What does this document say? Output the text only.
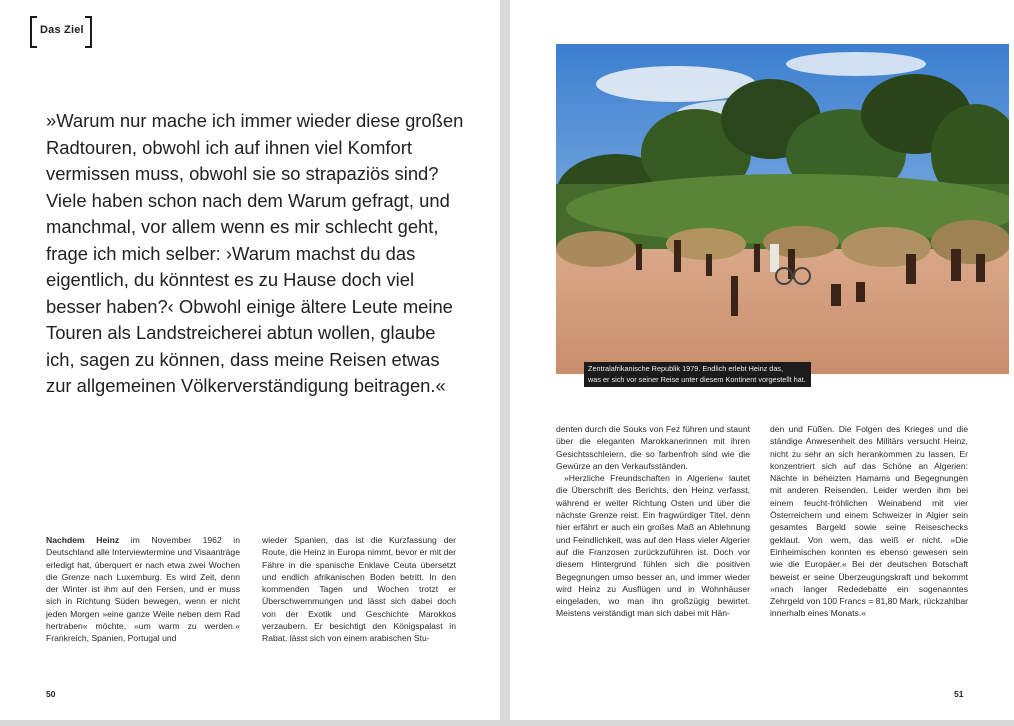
Das Ziel

»Warum nur mache ich immer wieder diese großen Radtouren, obwohl ich auf ihnen viel Komfort vermissen muss, obwohl sie so strapaziös sind? Viele haben schon nach dem Warum gefragt, und manchmal, vor allem wenn es mir schlecht geht, frage ich mich selber: ›Warum machst du das eigentlich, du könntest es zu Hause doch viel besser haben?‹ Obwohl einige ältere Leute meine Touren als Landstreicherei abtun wollen, glaube ich, sagen zu können, dass meine Reisen etwas zur allgemeinen Völkerverständigung beitragen.«

Nachdem Heinz im November 1962 in Deutschland alle Interviewtermine und Visaanträge erledigt hat, überquert er nach etwa zwei Wochen die Grenze nach Luxemburg. Es wird Zeit, denn der Winter ist ihm auf den Fersen, und er muss sich in Richtung Süden bewegen, wenn er nicht jeden Morgen »eine ganze Weile neben dem Rad hertraben« möchte, »um warm zu werden.« Frankreich, Spanien, Portugal und

wieder Spanien, das ist die Kurzfassung der Route, die Heinz in Europa nimmt, bevor er mit der Fähre in die spanische Enklave Ceuta übersetzt und endlich afrikanischen Boden betritt. In den kommenden Tagen und Wochen trotzt er Überschwemmungen und lässt sich dabei doch von der Exotik und Geschichte Marokkos verzaubern. Er besichtigt den Königspalast in Rabat, lässt sich von einem arabischen Stu-

50
Zentralafrikanische Republik 1979. Endlich erlebt Heinz das,
was er sich vor seiner Reise unter diesem Kontinent vorgestellt hat.

denten durch die Souks von Fez führen und staunt über die eleganten Marokkanerinnen mit ihren Gesichtsschleiern, die so farbenfroh sind wie die Gewürze an den Verkaufsständen.

»Herzliche Freundschaften in Algerien« lautet die Überschrift des Berichts, den Heinz verfasst, während er weiter Richtung Osten und über die nächste Grenze reist. Ein fragwürdiger Titel, denn hier erfährt er auch ein großes Maß an Ablehnung und Feindlichkeit, was auf den Hass vieler Algerier auf die Franzosen zurückzuführen ist. Doch vor diesem Hintergrund fühlen sich die positiven Begegnungen umso besser an, und immer wieder wird Heinz zu Ausflügen und in Wohnhäuser eingeladen, wo man ihn großzügig bewirtet. Meistens verständigt man sich dabei mit Hän-

den und Füßen. Die Folgen des Krieges und die ständige Anwesenheit des Militärs versucht Heinz, nicht zu sehr an sich herankommen zu lassen. Er konzentriert sich auf das Schöne an Algerien: Nächte in beheizten Hamams und Begegnungen mit anderen Reisenden. Leider werden ihm bei einem feucht-fröhlichen Weinabend mit vier Österreichern und einem Schweizer in Algier sein gesamtes Bargeld sowie seine Reiseschecks geklaut. Von wem, das weiß er nicht. »Die Einheimischen konnten es ebenso gewesen sein wie die Europäer.« Bei der deutschen Botschaft beweist er seine Überzeugungskraft und bekommt »nach langer Rededebatte ein sogenanntes Zehrgeld von 100 Francs = 81,80 Mark, rückzahlbar innerhalb eines Monats.«

51
